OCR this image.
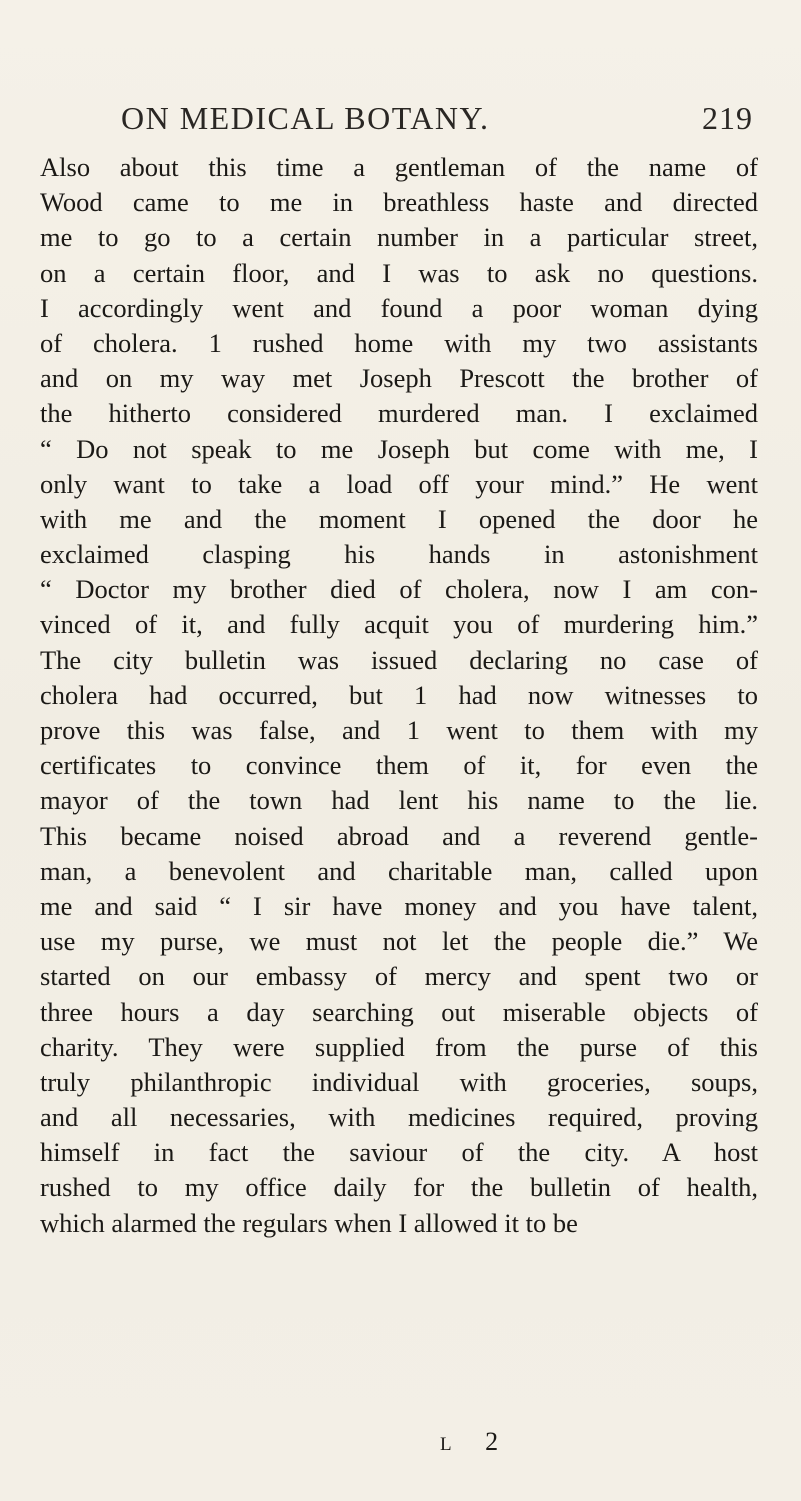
ON MEDICAL BOTANY.	219
Also about this time a gentleman of the name of
Wood came to me in breathless haste and directed
me to go to a certain number in a particular street,
on a certain floor, and I was to ask no questions.
I accordingly went and found a poor woman dying
of cholera. 1 rushed home with my two assistants
and on my way met Joseph Prescott the brother of
the hitherto considered murdered man. I exclaimed
“ Do not speak to me Joseph but come with me, I
only want to take a load off your mind.” He went
with me and the moment I opened the door he
exclaimed clasping his hands in astonishment
“ Doctor my brother died of cholera, now I am con-
vinced of it, and fully acquit you of murdering him.”
The city bulletin was issued declaring no case of
cholera had occurred, but 1 had now witnesses to
prove this was false, and 1 went to them with my
certificates to convince them of it, for even the
mayor of the town had lent his name to the lie.
This became noised abroad and a reverend gentle-
man, a benevolent and charitable man, called upon
me and said “ I sir have money and you have talent,
use my purse, we must not let the people die.” We
started on our embassy of mercy and spent two or
three hours a day searching out miserable objects of
charity. They were supplied from the purse of this
truly philanthropic individual with groceries, soups,
and all necessaries, with medicines required, proving
himself in fact the saviour of the city. A host
rushed to my office daily for the bulletin of health,
which alarmed the regulars when I allowed it to be
L 2
